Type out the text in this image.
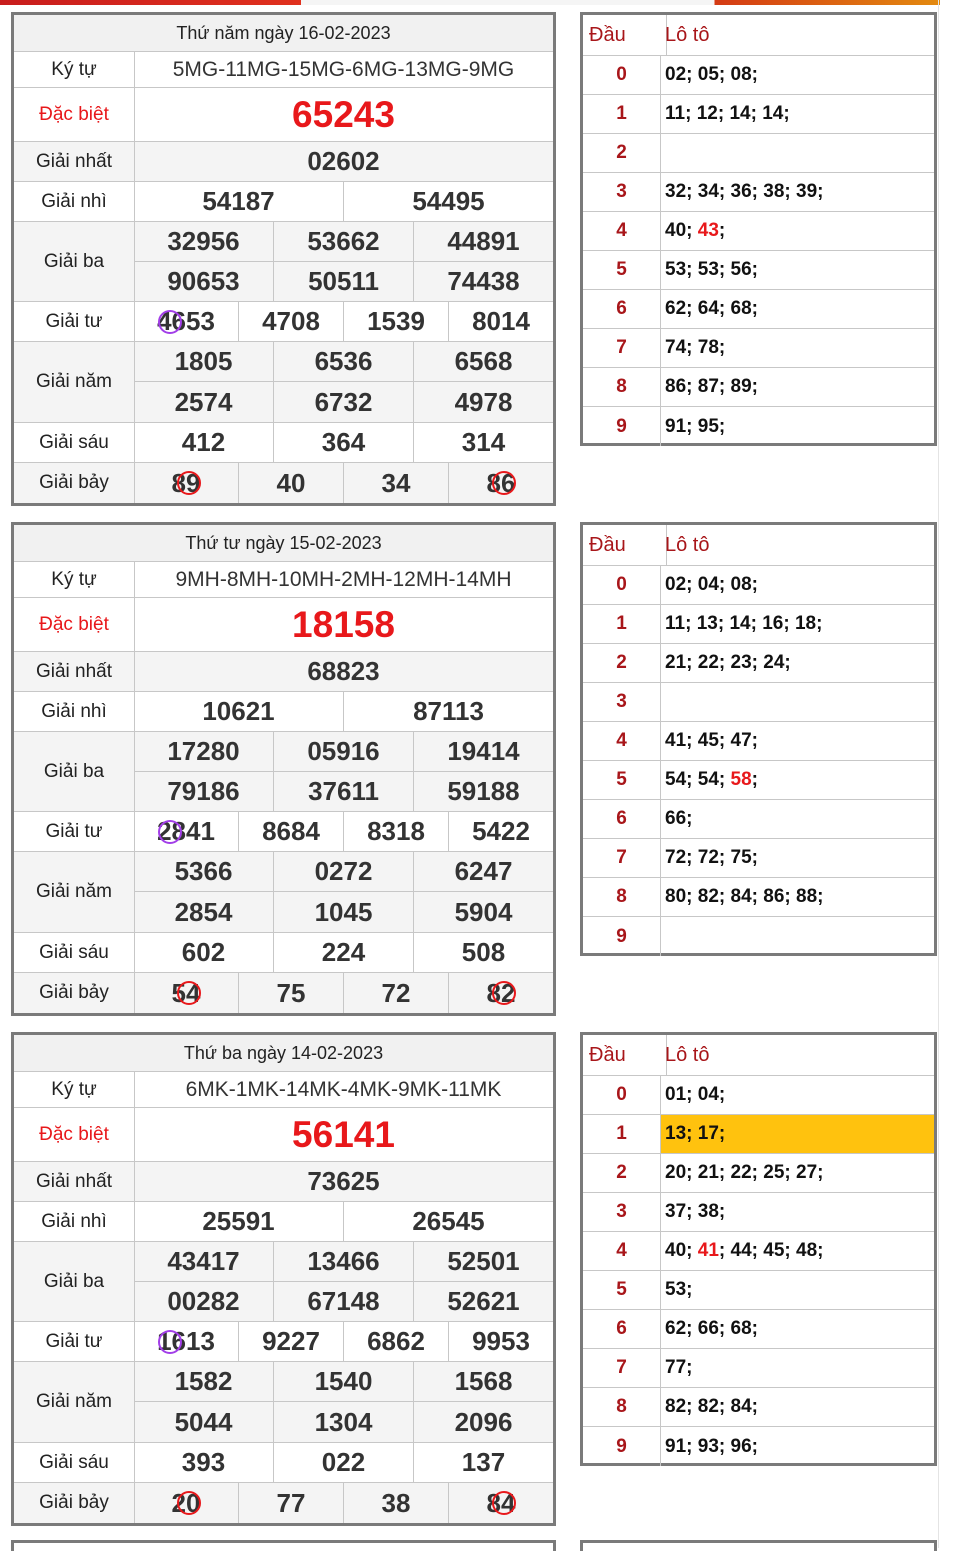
Thứ năm ngày 16-02-2023
Ký tự	5MG-11MG-15MG-6MG-13MG-9MG
Đặc biệt	65243
Giải nhất	02602
Giải nhì	54187	54495
Giải ba
32956	53662	44891
90653	50511	74438
Giải tư	4653 4708 1539 8014
Giải năm
1805	6536	6568
2574	6732	4978
Giải sáu	412	364	314
Giải bảy	89	40	34	86
Đầu	Lô tô
0	02 ; 05 ; 08 ;
1	11 ; 12 ; 14 ; 14 ;
2
3	32 ; 34 ; 36 ; 38 ; 39 ;
4	40 ; 43 ;
5	53 ; 53 ; 56 ;
6	62 ; 64 ; 68 ;
7	74 ; 78 ;
8	86 ; 87 ; 89 ;
9	91 ; 95 ;
Thứ tư ngày 15-02-2023
Ký tự	9MH-8MH-10MH-2MH-12MH-14MH
Đặc biệt	18158
Giải nhất	68823
Giải nhì	10621	87113
Giải ba
17280	05916	19414
79186	37611	59188
Giải tư	2841 8684 8318 5422
Giải năm
5366	0272	6247
2854	1045	5904
Giải sáu	602	224	508
Giải bảy	54	75	72	82
Đầu	Lô tô
0	02 ; 04 ; 08 ;
1	11 ; 13 ; 14 ; 16 ; 18 ;
2	21 ; 22 ; 23 ; 24 ;
3
4	41 ; 45 ; 47 ;
5	54 ; 54 ; 58 ;
6	66 ;
7	72 ; 72 ; 75 ;
8	80 ; 82 ; 84 ; 86 ; 88 ;
9
Thứ ba ngày 14-02-2023
Ký tự	6MK-1MK-14MK-4MK-9MK-11MK
Đặc biệt	56141
Giải nhất	73625
Giải nhì	25591	26545
Giải ba
43417	13466	52501
00282	67148	52621
Giải tư	1613 9227 6862 9953
Giải năm
1582	1540	1568
5044	1304	2096
Giải sáu	393	022	137
Giải bảy	20	77	38	84
Đầu	Lô tô
0	01 ; 04 ;
1	13 ; 17 ;
2	20 ; 21 ; 22 ; 25 ; 27 ;
3	37 ; 38 ;
4	40 ; 41 ; 44 ; 45 ; 48 ;
5	53 ;
6	62 ; 66 ; 68 ;
7	77 ;
8	82 ; 82 ; 84 ;
9	91 ; 93 ; 96 ;
